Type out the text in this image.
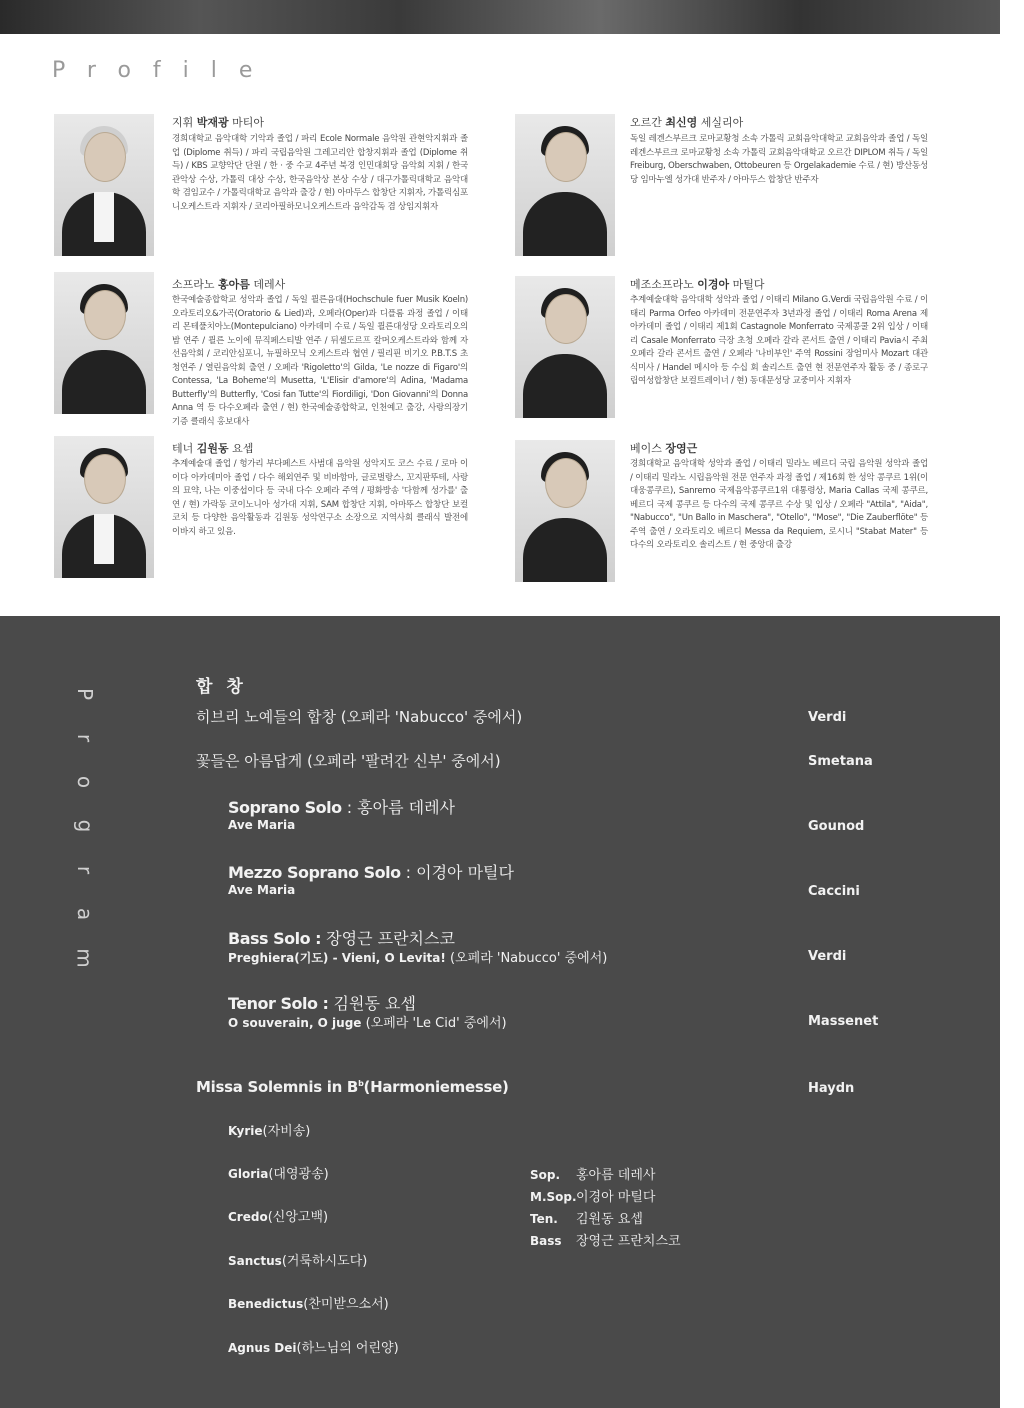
Profile
지휘 박재광 마티아

경희대학교 음악대학 기악과 졸업 / 파리 Ecole Normale 음악원 관현악지휘과 졸업 (Diplome 취득) / 파리 국립음악원 그레고리안 합창지휘과 졸업 (Diplome 취득) / KBS 교향악단 단원 / 한 · 중 수교 4주년 북경 인민대회당 음악회 지휘 / 한국 관악상 수상, 가톨릭 대상 수상, 한국음악상 본상 수상 / 대구가톨릭대학교 음악대학 겸임교수 / 가톨릭대학교 음악과 출강 / 현) 아마두스 합창단 지휘자, 가톨릭심포니오케스트라 지휘자 / 코리아필하모니오케스트라 음악감독 겸 상임지휘자

소프라노 홍아름 데레사

한국예술종합학교 성악과 졸업 / 독일 쾰른음대(Hochschule fuer Musik Koeln) 오라토리오&가곡(Oratorio & Lied)과, 오페라(Oper)과 디플롬 과정 졸업 / 이태리 몬테풀치아노(Montepulciano) 아카데미 수료 / 독일 쾰른대성당 오라토리오의 밤 연주 / 쾰른 노이에 뮤직페스티발 연주 / 뒤셀도르프 칼머오케스트라와 함께 자선음악회 / 코리안심포니, 뉴필하모닉 오케스트라 협연 / 필리핀 비기오 P.B.T.S 초청연주 / 열린음악회 출연 / 오페라 'Rigoletto'의 Gilda, 'Le nozze di Figaro'의 Contessa, 'La Boheme'의 Musetta, 'L'Elisir d'amore'의 Adina, 'Madama Butterfly'의 Butterfly, 'Cosi fan Tutte'의 Fiordiligi, 'Don Giovanni'의 Donna Anna 역 등 다수오페라 출연 / 현) 한국예술종합학교, 인천예고 출강, 사랑의장기기증 클래식 홍보대사

테너 김원동 요셉

추계예술대 졸업 / 헝가리 부다페스트 사범대 음악원 성악지도 코스 수료 / 로마 이이다 아카데미아 졸업 / 다수 해외연주 및 비바함마, 글로벌랑스, 꼬지판뚜테, 사랑의 묘약, 나는 이중섭이다 등 국내 다수 오페라 주역 / 평화방송 '다함께 성가를' 출연 / 현) 가락동 코이노니아 성가대 지휘, SAM 합창단 지휘, 아마뚜스 합창단 보컬코치 등 다양한 음악활동과 김원동 성악연구소 소장으로 지역사회 클래식 발전에 이바지 하고 있음.

오르간 최신영 세실리아

독일 레겐스부르크 로마교황청 소속 가톨릭 교회음악대학교 교회음악과 졸업 / 독일 레겐스부르크 로마교황청 소속 가톨릭 교회음악대학교 오르간 DIPLOM 취득 / 독일 Freiburg, Oberschwaben, Ottobeuren 등 Orgelakademie 수료 / 현) 방산동성당 임마누엘 성가대 반주자 / 아마두스 합창단 반주자

메조소프라노 이경아 마틸다

추계예술대학 음악대학 성악과 졸업 / 이태리 Milano G.Verdi 국립음악원 수료 / 이태리 Parma Orfeo 아카데미 전문연주자 3년과정 졸업 / 이태리 Roma Arena 제 아카데미 졸업 / 이태리 제1회 Castagnole Monferrato 국제콩쿨 2위 입상 / 이태리 Casale Monferrato 극장 초청 오페라 갈라 콘서트 출연 / 이태리 Pavia시 주최 오페라 갈라 콘서트 출연 / 오페라 '나비부인' 주역 Rossini 장엄미사 Mozart 대관식미사 / Handel 메시아 등 수십 회 솔리스트 출연 현 전문연주자 활동 중 / 종로구립여성합창단 보컬트레이너 / 현) 동대문성당 교중미사 지휘자

베이스 장영근

경희대학교 음악대학 성악과 졸업 / 이태리 밀라노 베르디 국립 음악원 성악과 졸업 / 이태리 밀라노 시립음악원 전문 연주자 과정 졸업 / 제16회 한 성악 콩쿠르 1위(이대웅콩쿠르), Sanremo 국제음악콩쿠르1위 대통령상, Maria Callas 국제 콩쿠르, 베르디 국제 콩쿠르 등 다수의 국제 콩쿠르 수상 및 입상 / 오페라 "Attila", "Aida", "Nabucco", "Un Ballo in Maschera", "Otello", "Mose", "Die Zauberflöte" 등 주역 출연 / 오라토리오 베르디 Messa da Requiem, 로시니 "Stabat Mater" 등 다수의 오라토리오 솔리스트 / 현 중앙대 출강

P
r
o
g
r
a
m
합 창
히브리 노예들의 합창 (오페라 'Nabucco' 중에서)	Verdi
꽃들은 아름답게 (오페라 '팔려간 신부' 중에서)	Smetana
Soprano Solo : 홍아름 데레사
Ave Maria	Gounod
Mezzo Soprano Solo : 이경아 마틸다
Ave Maria	Caccini
Bass Solo : 장영근 프란치스코
Preghiera(기도) - Vieni, O Levita! (오페라 'Nabucco' 중에서)	Verdi
Tenor Solo : 김원동 요셉
O souverain, O juge (오페라 'Le Cid' 중에서)	Massenet
Missa Solemnis in $B^b(Harmoniemesse)$	Haydn
Kyrie(자비송)
Gloria(대영광송)
Credo(신앙고백)
Sanctus(거룩하시도다)
Benedictus(찬미받으소서)
Agnus Dei(하느님의 어린양)
Sop. 홍아름 데레사
M.Sop.이경아 마틸다
Ten. 김원동 요셉
Bass 장영근 프란치스코
